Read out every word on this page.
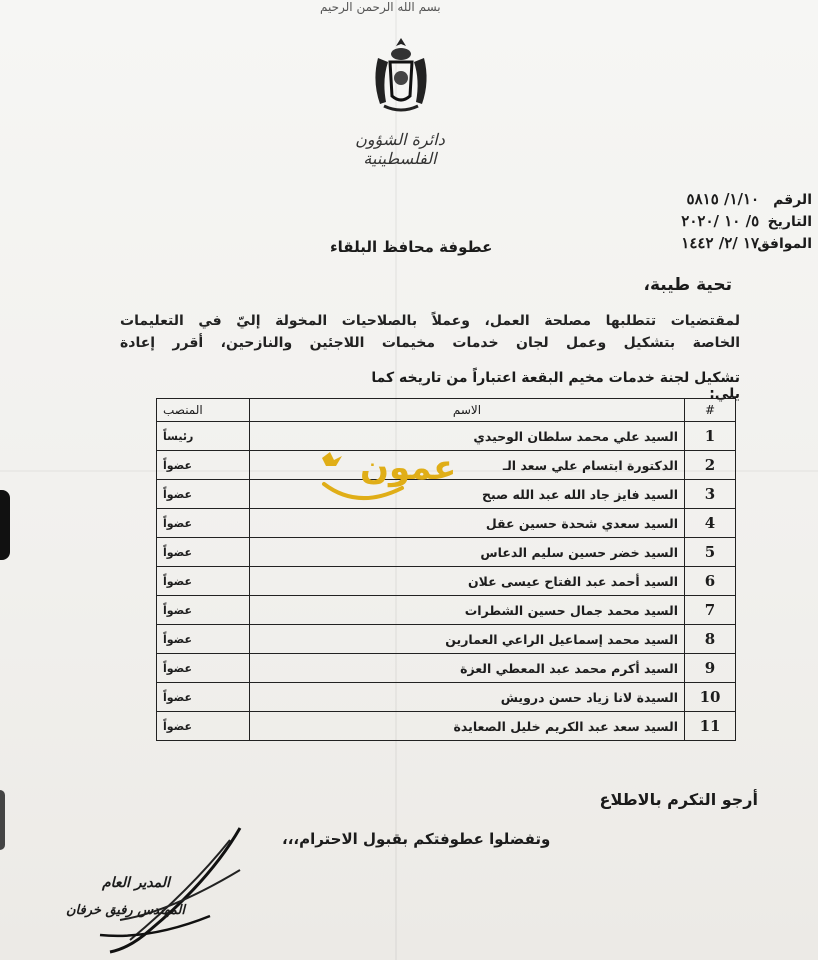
بسم الله الرحمن الرحيم
دائرة الشؤون الفلسطينية
الرقم ١/١٠/ ٥٨١٥
التاريخ ٥/ ١٠ /٢٠٢٠
الموافق ١٧ /٢/ ١٤٤٢
عطوفة محافظ البلقاء
تحية طيبة،
لمقتضيات تتطلبها مصلحة العمل، وعملاً بالصلاحيات المخولة إليّ في التعليمات
الخاصة بتشكيل وعمل لجان خدمات مخيمات اللاجئين والنازحين، أقرر إعادة
تشكيل لجنة خدمات مخيم البقعة اعتباراً من تاريخه كما يلي:
#	الاسم	المنصب
1	السيد علي محمد سلطان الوحيدي	رئيساً
2	الدكتورة ابتسام علي سعد الـ	عضواً
3	السيد فايز جاد الله عبد الله صبح	عضواً
4	السيد سعدي شحدة حسين عقل	عضواً
5	السيد خضر حسين سليم الدعاس	عضواً
6	السيد أحمد عبد الفتاح عيسى علان	عضواً
7	السيد محمد جمال حسين الشطرات	عضواً
8	السيد محمد إسماعيل الراعي العمارين	عضواً
9	السيد أكرم محمد عبد المعطي العزة	عضواً
10	السيدة لانا زياد حسن درويش	عضواً
11	السيد سعد عبد الكريم خليل الصعايدة	عضواً
عمون
أرجو التكرم بالاطلاع
وتفضلوا عطوفتكم بقبول الاحترام،،،
المدير العام
المهندس رفيق خرفان
